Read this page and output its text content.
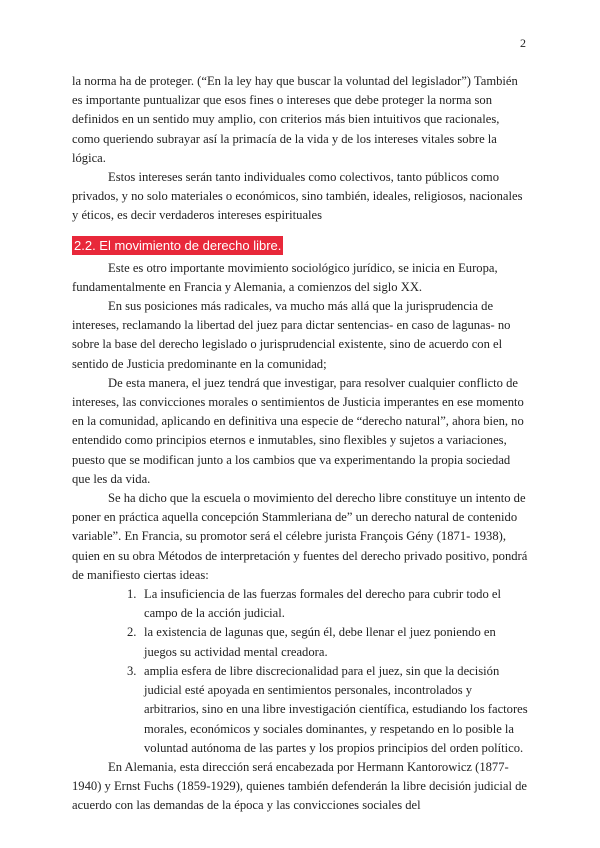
2

la norma ha de proteger. (“En la ley hay que buscar la voluntad del legislador”) También es importante puntualizar que esos fines o intereses que debe proteger la norma son definidos en un sentido muy amplio, con criterios más bien intuitivos que racionales, como queriendo subrayar así la primacía de la vida y de los intereses vitales sobre la lógica.

Estos intereses serán tanto individuales como colectivos, tanto públicos como privados, y no solo materiales o económicos, sino también, ideales, religiosos, nacionales y éticos, es decir verdaderos intereses espirituales

2.2. El movimiento de derecho libre.

Este es otro importante movimiento sociológico jurídico, se inicia en Europa, fundamentalmente en Francia y Alemania, a comienzos del siglo XX.

En sus posiciones más radicales, va mucho más allá que la jurisprudencia de intereses, reclamando la libertad del juez para dictar sentencias- en caso de lagunas- no sobre la base del derecho legislado o jurisprudencial existente, sino de acuerdo con el sentido de Justicia predominante en la comunidad;

De esta manera, el juez tendrá que investigar, para resolver cualquier conflicto de intereses, las convicciones morales o sentimientos de Justicia imperantes en ese momento en la comunidad, aplicando en definitiva una especie de “derecho natural”, ahora bien, no entendido como principios eternos e inmutables, sino flexibles y sujetos a variaciones, puesto que se modifican junto a los cambios que va experimentando la propia sociedad que les da vida.

Se ha dicho que la escuela o movimiento del derecho libre constituye un intento de poner en práctica aquella concepción Stammleriana de” un derecho natural de contenido variable”. En Francia, su promotor será el célebre jurista François Gény (1871- 1938), quien en su obra Métodos de interpretación y fuentes del derecho privado positivo, pondrá de manifiesto ciertas ideas:

1. La insuficiencia de las fuerzas formales del derecho para cubrir todo el campo de la acción judicial.
2. la existencia de lagunas que, según él, debe llenar el juez poniendo en juegos su actividad mental creadora.
3. amplia esfera de libre discrecionalidad para el juez, sin que la decisión judicial esté apoyada en sentimientos personales, incontrolados y arbitrarios, sino en una libre investigación científica, estudiando los factores morales, económicos y sociales dominantes, y respetando en lo posible la voluntad autónoma de las partes y los propios principios del orden político.

En Alemania, esta dirección será encabezada por Hermann Kantorowicz (1877-1940) y Ernst Fuchs (1859-1929), quienes también defenderán la libre decisión judicial de acuerdo con las demandas de la época y las convicciones sociales del
